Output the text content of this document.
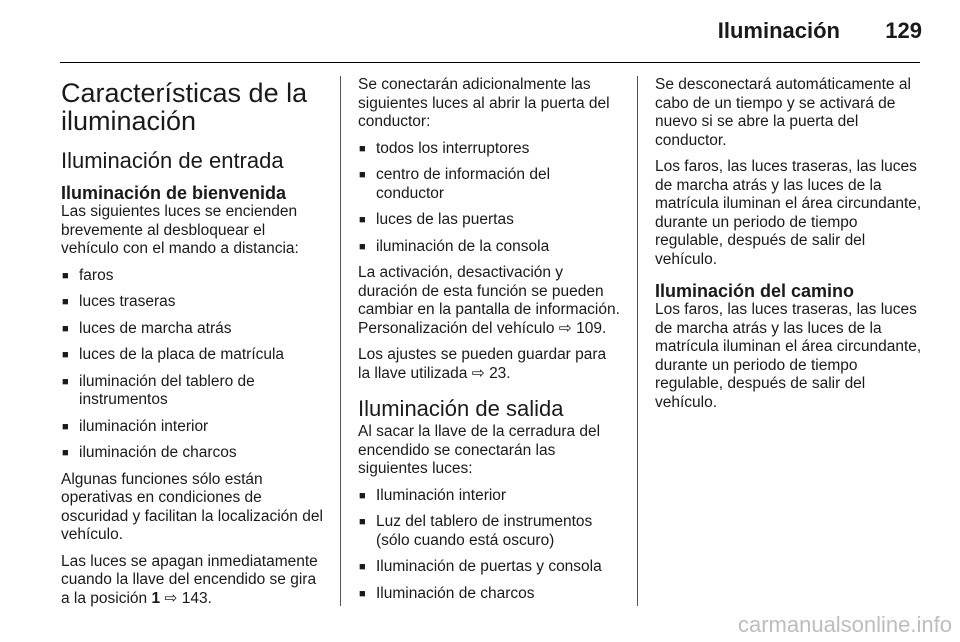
Iluminación 129
Características de la iluminación
Iluminación de entrada
Iluminación de bienvenida

Las siguientes luces se encienden brevemente al desbloquear el vehículo con el mando a distancia:

■ faros
■ luces traseras
■ luces de marcha atrás
■ luces de la placa de matrícula
■ iluminación del tablero de instrumentos
■ iluminación interior
■ iluminación de charcos

Algunas funciones sólo están operativas en condiciones de oscuridad y facilitan la localización del vehículo.

Las luces se apagan inmediatamente cuando la llave del encendido se gira a la posición 1 ⇨ 143.

Se conectarán adicionalmente las siguientes luces al abrir la puerta del conductor:

■ todos los interruptores
■ centro de información del conductor
■ luces de las puertas
■ iluminación de la consola

La activación, desactivación y duración de esta función se pueden cambiar en la pantalla de información. Personalización del vehículo ⇨ 109.

Los ajustes se pueden guardar para la llave utilizada ⇨ 23.

Iluminación de salida

Al sacar la llave de la cerradura del encendido se conectarán las siguientes luces:

■ Iluminación interior
■ Luz del tablero de instrumentos (sólo cuando está oscuro)
■ Iluminación de puertas y consola
■ Iluminación de charcos

Se desconectará automáticamente al cabo de un tiempo y se activará de nuevo si se abre la puerta del conductor.

Los faros, las luces traseras, las luces de marcha atrás y las luces de la matrícula iluminan el área circundante, durante un periodo de tiempo regulable, después de salir del vehículo.

Iluminación del camino

Los faros, las luces traseras, las luces de marcha atrás y las luces de la matrícula iluminan el área circundante, durante un periodo de tiempo regulable, después de salir del vehículo.

carmanualsonline.info
